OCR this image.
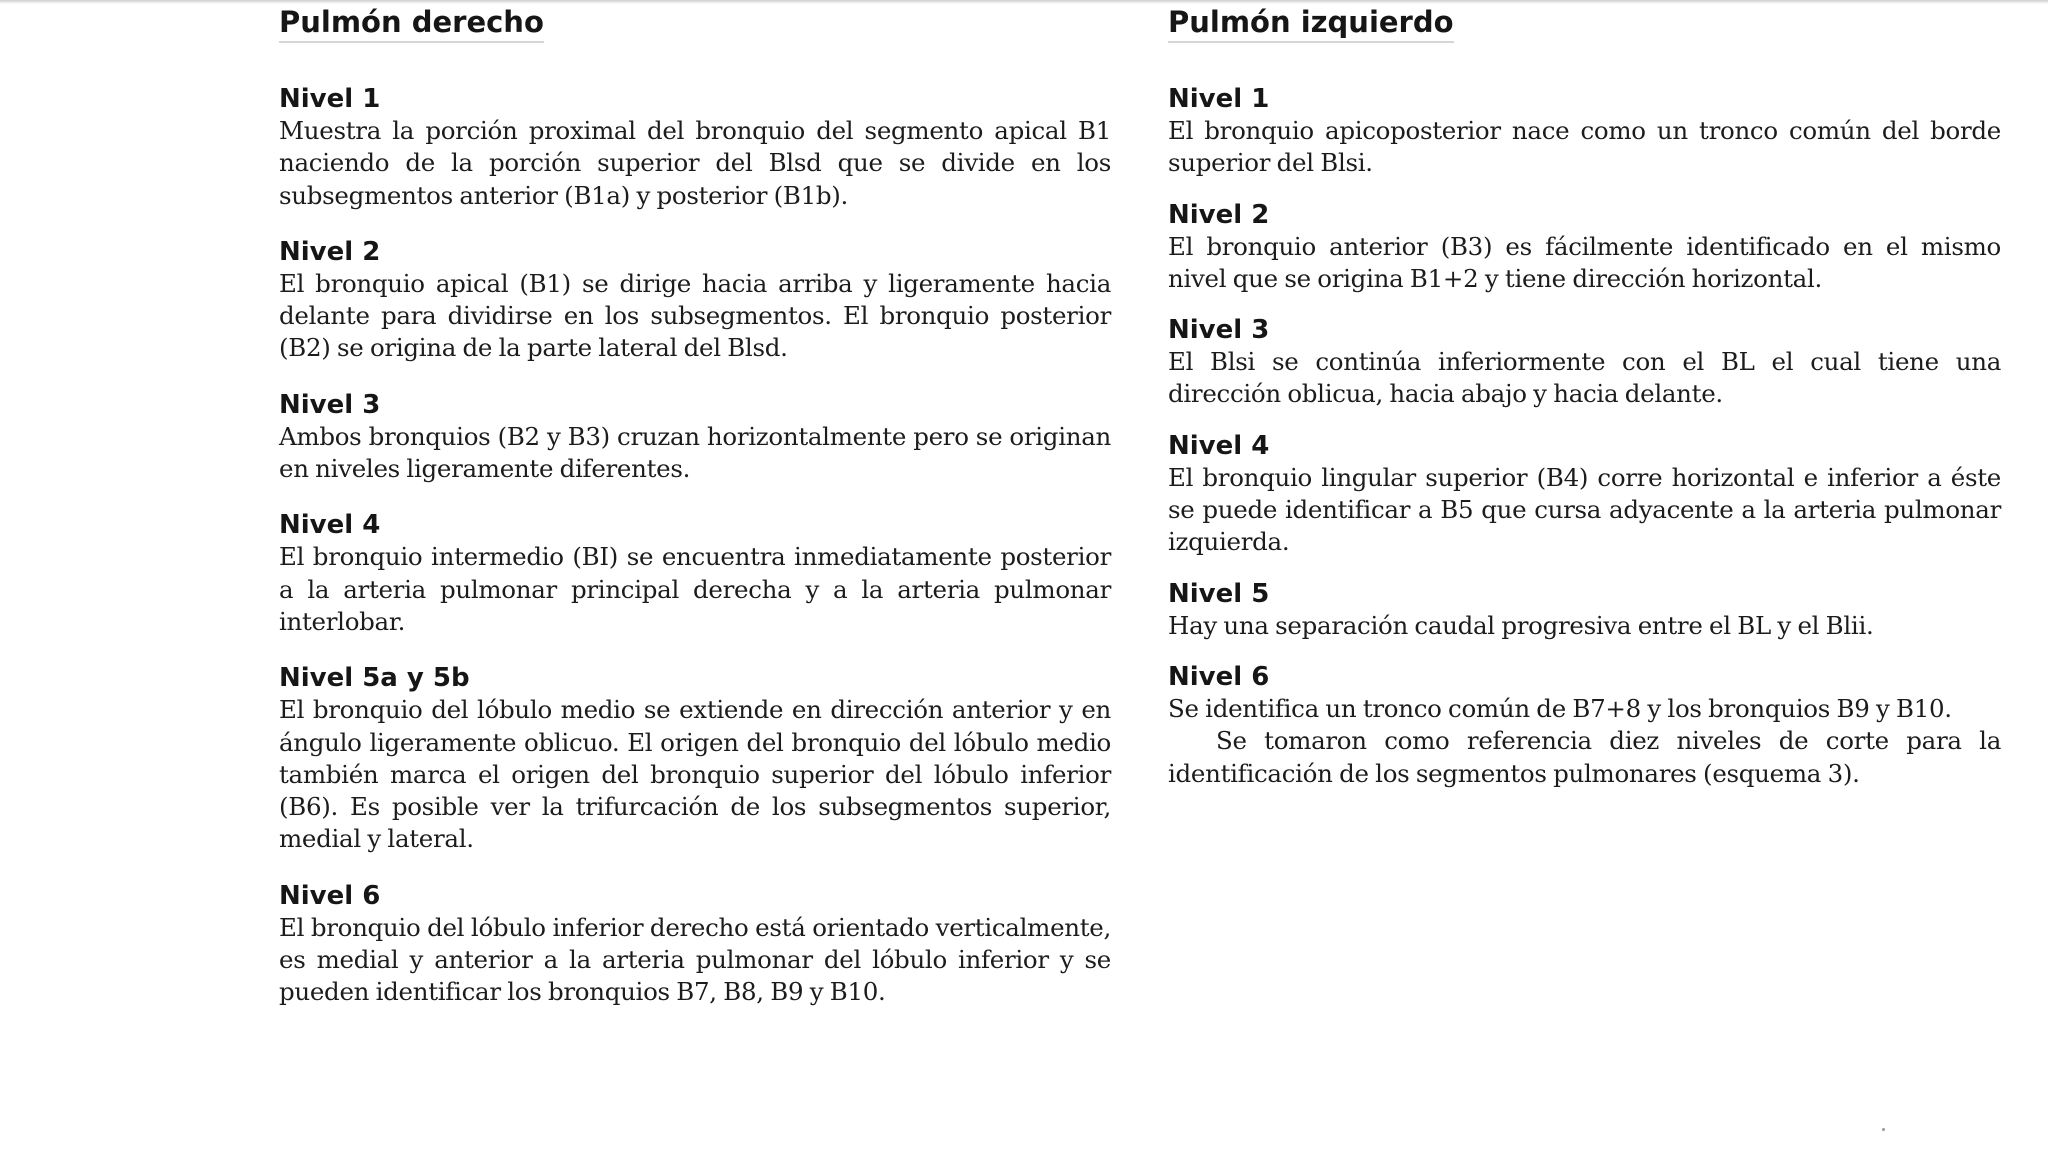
Pulmón derecho
Nivel 1

Muestra la porción proximal del bronquio del segmento apical B1 naciendo de la porción superior del Blsd que se divide en los subsegmentos anterior (B1a) y posterior (B1b).

Nivel 2

El bronquio apical (B1) se dirige hacia arriba y ligeramente hacia delante para dividirse en los subsegmentos. El bronquio posterior (B2) se origina de la parte lateral del Blsd.

Nivel 3

Ambos bronquios (B2 y B3) cruzan horizontalmente pero se originan en niveles ligeramente diferentes.

Nivel 4

El bronquio intermedio (BI) se encuentra inmediatamente posterior a la arteria pulmonar principal derecha y a la arteria pulmonar interlobar.

Nivel 5a y 5b

El bronquio del lóbulo medio se extiende en dirección anterior y en ángulo ligeramente oblicuo. El origen del bronquio del lóbulo medio también marca el origen del bronquio superior del lóbulo inferior (B6). Es posible ver la trifurcación de los subsegmentos superior, medial y lateral.

Nivel 6

El bronquio del lóbulo inferior derecho está orientado verticalmente, es medial y anterior a la arteria pulmonar del lóbulo inferior y se pueden identificar los bronquios B7, B8, B9 y B10.

Pulmón izquierdo
Nivel 1

El bronquio apicoposterior nace como un tronco común del borde superior del Blsi.

Nivel 2

El bronquio anterior (B3) es fácilmente identificado en el mismo nivel que se origina B1+2 y tiene dirección horizontal.

Nivel 3

El Blsi se continúa inferiormente con el BL el cual tiene una dirección oblicua, hacia abajo y hacia delante.

Nivel 4

El bronquio lingular superior (B4) corre horizontal e inferior a éste se puede identificar a B5 que cursa adyacente a la arteria pulmonar izquierda.

Nivel 5

Hay una separación caudal progresiva entre el BL y el Blii.

Nivel 6

Se identifica un tronco común de B7+8 y los bronquios B9 y B10.

Se tomaron como referencia diez niveles de corte para la identificación de los segmentos pulmonares (esquema 3).
